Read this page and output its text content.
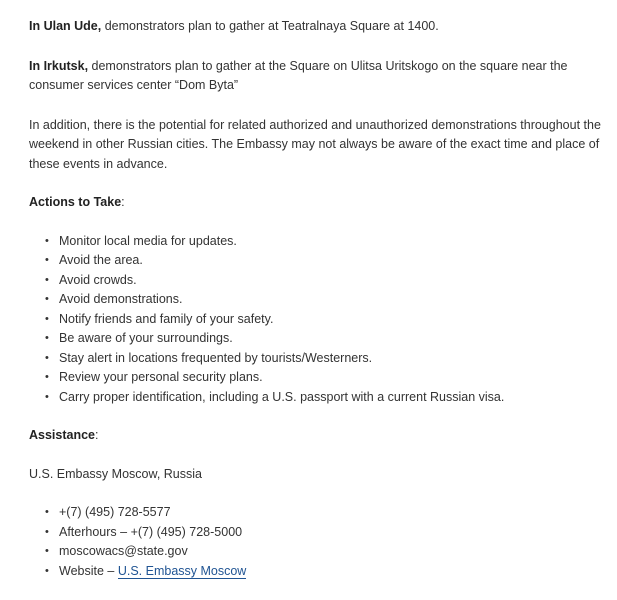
In Ulan Ude, demonstrators plan to gather at Teatralnaya Square at 1400.

In Irkutsk, demonstrators plan to gather at the Square on Ulitsa Uritskogo on the square near the consumer services center “Dom Byta”

In addition, there is the potential for related authorized and unauthorized demonstrations throughout the weekend in other Russian cities. The Embassy may not always be aware of the exact time and place of these events in advance.

Actions to Take:

• Monitor local media for updates.
• Avoid the area.
• Avoid crowds.
• Avoid demonstrations.
• Notify friends and family of your safety.
• Be aware of your surroundings.
• Stay alert in locations frequented by tourists/Westerners.
• Review your personal security plans.
• Carry proper identification, including a U.S. passport with a current Russian visa.

Assistance:

U.S. Embassy Moscow, Russia

• +(7) (495) 728-5577
• Afterhours – +(7) (495) 728-5000
• moscowacs@state.gov
• Website – U.S. Embassy Moscow
